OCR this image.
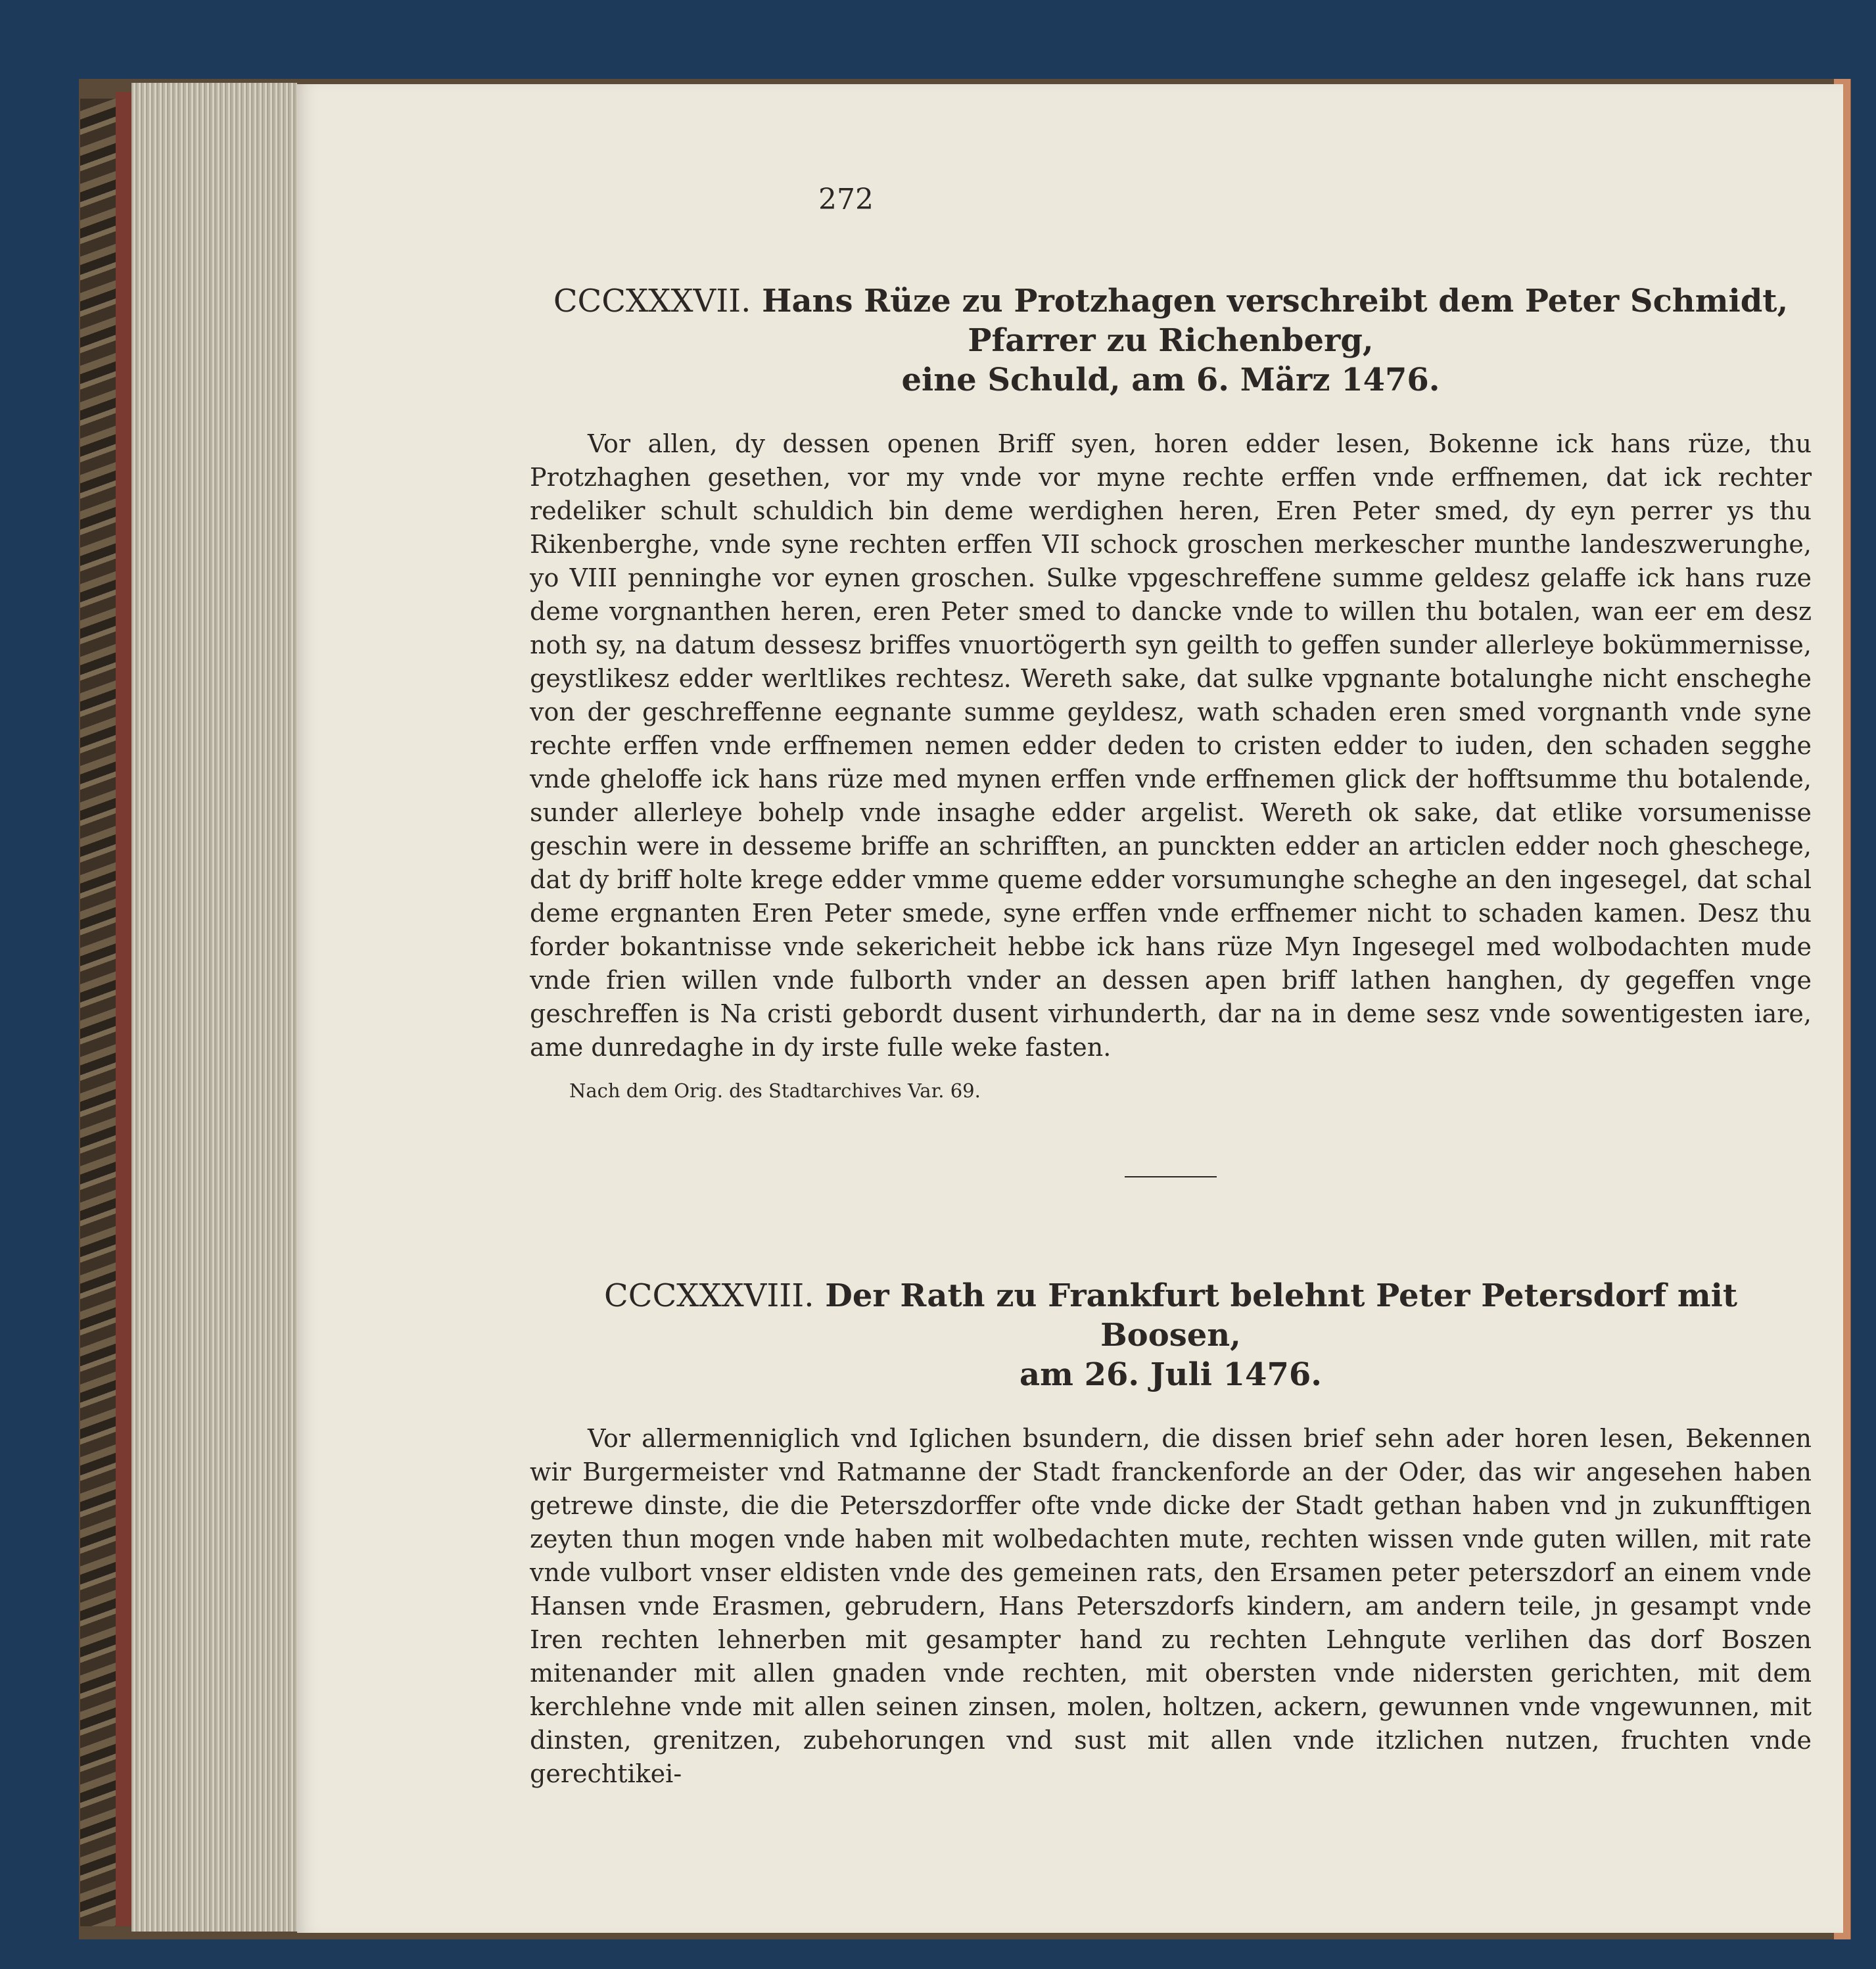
272
CCCXXXVII. Hans Rüze zu Protzhagen verschreibt dem Peter Schmidt, Pfarrer zu Richenberg,
eine Schuld, am 6. März 1476.

Vor allen, dy dessen openen Briff syen, horen edder lesen, Bokenne ick hans rüze, thu Protzhaghen gesethen, vor my vnde vor myne rechte erffen vnde erffnemen, dat ick rechter redeliker schult schuldich bin deme werdighen heren, Eren Peter smed, dy eyn perrer ys thu Rikenberghe, vnde syne rechten erffen VII schock groschen merkescher munthe landeszwerunghe, yo VIII penninghe vor eynen groschen. Sulke vpgeschreffene summe geldesz gelaffe ick hans ruze deme vorgnanthen heren, eren Peter smed to dancke vnde to willen thu botalen, wan eer em desz noth sy, na datum dessesz briffes vnuortögerth syn geilth to geffen sunder allerleye bokümmernisse, geystlikesz edder werltlikes rechtesz. Wereth sake, dat sulke vpgnante botalunghe nicht enscheghe von der geschreffenne eegnante summe geyldesz, wath schaden eren smed vorgnanth vnde syne rechte erffen vnde erffnemen nemen edder deden to cristen edder to iuden, den schaden segghe vnde gheloffe ick hans rüze med mynen erffen vnde erffnemen glick der hofftsumme thu botalende, sunder allerleye bohelp vnde insaghe edder argelist. Wereth ok sake, dat etlike vorsumenisse geschin were in desseme briffe an schrifften, an punckten edder an articlen edder noch gheschege, dat dy briff holte krege edder vmme queme edder vorsumunghe scheghe an den ingesegel, dat schal deme ergnanten Eren Peter smede, syne erffen vnde erffnemer nicht to schaden kamen. Desz thu forder bokantnisse vnde sekericheit hebbe ick hans rüze Myn Ingesegel med wolbodachten mude vnde frien willen vnde fulborth vnder an dessen apen briff lathen hanghen, dy gegeffen vnge geschreffen is Na cristi gebordt dusent virhunderth, dar na in deme sesz vnde sowentigesten iare, ame dunredaghe in dy irste fulle weke fasten.

Nach dem Orig. des Stadtarchives Var. 69.
CCCXXXVIII. Der Rath zu Frankfurt belehnt Peter Petersdorf mit Boosen,
am 26. Juli 1476.

Vor allermenniglich vnd Iglichen bsundern, die dissen brief sehn ader horen lesen, Bekennen wir Burgermeister vnd Ratmanne der Stadt franckenforde an der Oder, das wir angesehen haben getrewe dinste, die die Peterszdorffer ofte vnde dicke der Stadt gethan haben vnd jn zukunfftigen zeyten thun mogen vnde haben mit wolbedachten mute, rechten wissen vnde guten willen, mit rate vnde vulbort vnser eldisten vnde des gemeinen rats, den Ersamen peter peterszdorf an einem vnde Hansen vnde Erasmen, gebrudern, Hans Peterszdorfs kindern, am andern teile, jn gesampt vnde Iren rechten lehnerben mit gesampter hand zu rechten Lehngute verlihen das dorf Boszen mitenander mit allen gnaden vnde rechten, mit obersten vnde nidersten gerichten, mit dem kerchlehne vnde mit allen seinen zinsen, molen, holtzen, ackern, gewunnen vnde vngewunnen, mit dinsten, grenitzen, zubehorungen vnd sust mit allen vnde itzlichen nutzen, fruchten vnde gerechtikei-
